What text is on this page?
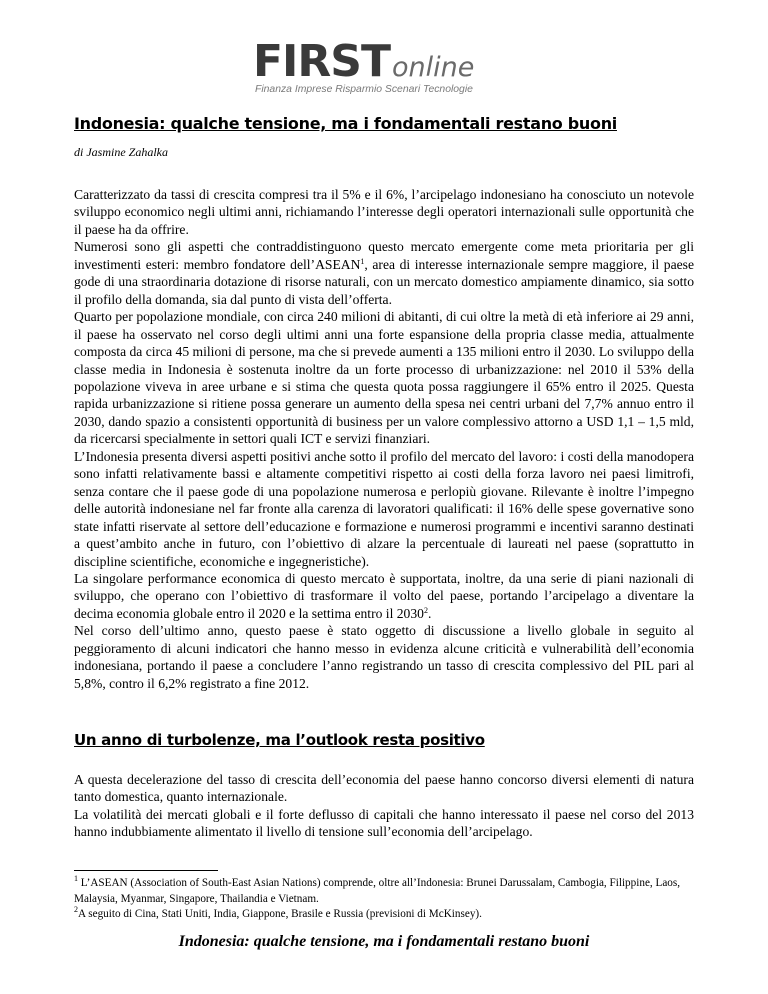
FIRSTonline
Finanza Imprese Risparmio Scenari Tecnologie
Indonesia: qualche tensione, ma i fondamentali restano buoni
di Jasmine Zahalka

Caratterizzato da tassi di crescita compresi tra il 5% e il 6%, l’arcipelago indonesiano ha conosciuto un notevole sviluppo economico negli ultimi anni, richiamando l’interesse degli operatori internazionali sulle opportunità che il paese ha da offrire.

Numerosi sono gli aspetti che contraddistinguono questo mercato emergente come meta prioritaria per gli investimenti esteri: membro fondatore dell’ASEAN$^1$, area di interesse internazionale sempre maggiore, il paese gode di una straordinaria dotazione di risorse naturali, con un mercato domestico ampiamente dinamico, sia sotto il profilo della domanda, sia dal punto di vista dell’offerta.

Quarto per popolazione mondiale, con circa 240 milioni di abitanti, di cui oltre la metà di età inferiore ai 29 anni, il paese ha osservato nel corso degli ultimi anni una forte espansione della propria classe media, attualmente composta da circa 45 milioni di persone, ma che si prevede aumenti a 135 milioni entro il 2030. Lo sviluppo della classe media in Indonesia è sostenuta inoltre da un forte processo di urbanizzazione: nel 2010 il 53% della popolazione viveva in aree urbane e si stima che questa quota possa raggiungere il 65% entro il 2025. Questa rapida urbanizzazione si ritiene possa generare un aumento della spesa nei centri urbani del 7,7% annuo entro il 2030, dando spazio a consistenti opportunità di business per un valore complessivo attorno a USD 1,1 – 1,5 mld, da ricercarsi specialmente in settori quali ICT e servizi finanziari.

L’Indonesia presenta diversi aspetti positivi anche sotto il profilo del mercato del lavoro: i costi della manodopera sono infatti relativamente bassi e altamente competitivi rispetto ai costi della forza lavoro nei paesi limitrofi, senza contare che il paese gode di una popolazione numerosa e perlopiù giovane. Rilevante è inoltre l’impegno delle autorità indonesiane nel far fronte alla carenza di lavoratori qualificati: il 16% delle spese governative sono state infatti riservate al settore dell’educazione e formazione e numerosi programmi e incentivi saranno destinati a quest’ambito anche in futuro, con l’obiettivo di alzare la percentuale di laureati nel paese (soprattutto in discipline scientifiche, economiche e ingegneristiche).

La singolare performance economica di questo mercato è supportata, inoltre, da una serie di piani nazionali di sviluppo, che operano con l’obiettivo di trasformare il volto del paese, portando l’arcipelago a diventare la decima economia globale entro il 2020 e la settima entro il 2030$^2$.

Nel corso dell’ultimo anno, questo paese è stato oggetto di discussione a livello globale in seguito al peggioramento di alcuni indicatori che hanno messo in evidenza alcune criticità e vulnerabilità dell’economia indonesiana, portando il paese a concludere l’anno registrando un tasso di crescita complessivo del PIL pari al 5,8%, contro il 6,2% registrato a fine 2012.

Un anno di turbolenze, ma l’outlook resta positivo

A questa decelerazione del tasso di crescita dell’economia del paese hanno concorso diversi elementi di natura tanto domestica, quanto internazionale.

La volatilità dei mercati globali e il forte deflusso di capitali che hanno interessato il paese nel corso del 2013 hanno indubbiamente alimentato il livello di tensione sull’economia dell’arcipelago.

$^1$ L’ASEAN (Association of South-East Asian Nations) comprende, oltre all’Indonesia: Brunei Darussalam, Cambogia, Filippine, Laos, Malaysia, Myanmar, Singapore, Thailandia e Vietnam.

$^2$A seguito di Cina, Stati Uniti, India, Giappone, Brasile e Russia (previsioni di McKinsey).

Indonesia: qualche tensione, ma i fondamentali restano buoni
